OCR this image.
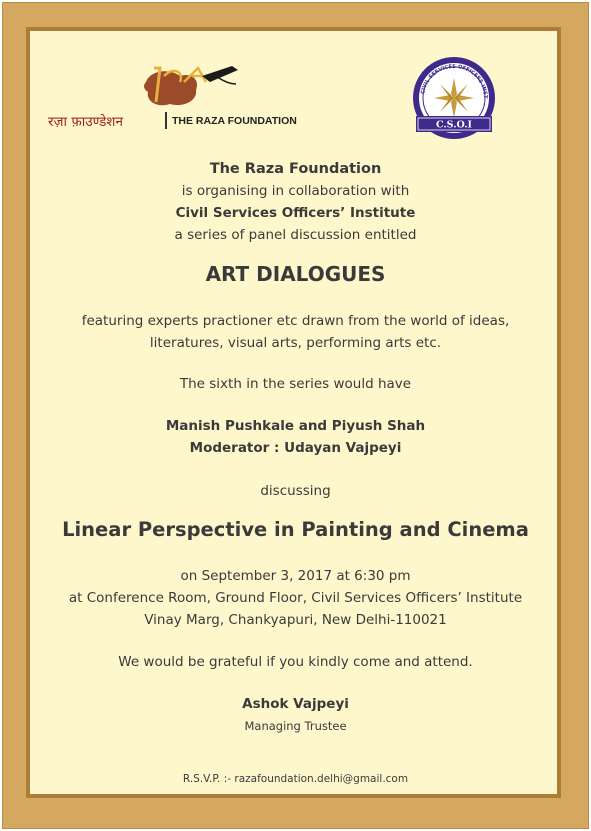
रज़ा फ़ाउण्डेशन	THE RAZA FOUNDATION
CIVIL SERVICES OFFICERS INST
C.S.O.I
The Raza Foundation
is organising in collaboration with
Civil Services Officers’ Institute
a series of panel discussion entitled
ART DIALOGUES
featuring experts practioner etc drawn from the world of ideas,
literatures, visual arts, performing arts etc.
The sixth in the series would have
Manish Pushkale and Piyush Shah
Moderator : Udayan Vajpeyi
discussing
Linear Perspective in Painting and Cinema
on September 3, 2017 at 6:30 pm
at Conference Room, Ground Floor, Civil Services Officers’ Institute
Vinay Marg, Chankyapuri, New Delhi-110021
We would be grateful if you kindly come and attend.
Ashok Vajpeyi
Managing Trustee
R.S.V.P. :- razafoundation.delhi@gmail.com
